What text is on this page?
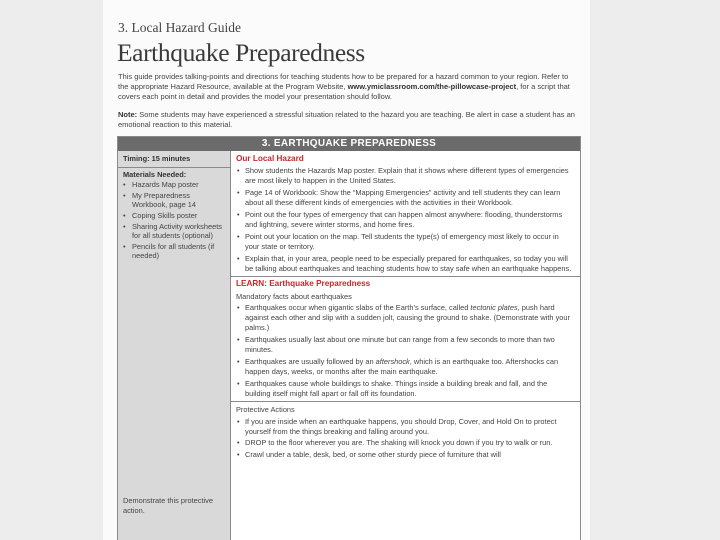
3. Local Hazard Guide
Earthquake Preparedness
This guide provides talking-points and directions for teaching students how to be prepared for a hazard common to your region. Refer to the appropriate Hazard Resource, available at the Program Website, www.ymiclassroom.com/the-pillowcase-project, for a script that covers each point in detail and provides the model your presentation should follow.
Note: Some students may have experienced a stressful situation related to the hazard you are teaching. Be alert in case a student has an emotional reaction to this material.
3. EARTHQUAKE PREPAREDNESS
Timing: 15 minutes
Materials Needed:
• Hazards Map poster
• My Preparedness Workbook, page 14
• Coping Skills poster
• Sharing Activity worksheets for all students (optional)
• Pencils for all students (if needed)
Demonstrate this protective action.
Our Local Hazard
• Show students the Hazards Map poster. Explain that it shows where different types of emergencies are most likely to happen in the United States.
• Page 14 of Workbook: Show the “Mapping Emergencies” activity and tell students they can learn about all these different kinds of emergencies with the activities in their Workbook.
• Point out the four types of emergency that can happen almost anywhere: flooding, thunderstorms and lightning, severe winter storms, and home fires.
• Point out your location on the map. Tell students the type(s) of emergency most likely to occur in your state or territory.
• Explain that, in your area, people need to be especially prepared for earthquakes, so today you will be talking about earthquakes and teaching students how to stay safe when an earthquake happens.
LEARN: Earthquake Preparedness
Mandatory facts about earthquakes
• Earthquakes occur when gigantic slabs of the Earth’s surface, called tectonic plates, push hard against each other and slip with a sudden jolt, causing the ground to shake. (Demonstrate with your palms.)
• Earthquakes usually last about one minute but can range from a few seconds to more than two minutes.
• Earthquakes are usually followed by an aftershock, which is an earthquake too. Aftershocks can happen days, weeks, or months after the main earthquake.
• Earthquakes cause whole buildings to shake. Things inside a building break and fall, and the building itself might fall apart or fall off its foundation.
Protective Actions
• If you are inside when an earthquake happens, you should Drop, Cover, and Hold On to protect yourself from the things breaking and falling around you.
• DROP to the floor wherever you are. The shaking will knock you down if you try to walk or run.
• Crawl under a table, desk, bed, or some other sturdy piece of furniture that will
